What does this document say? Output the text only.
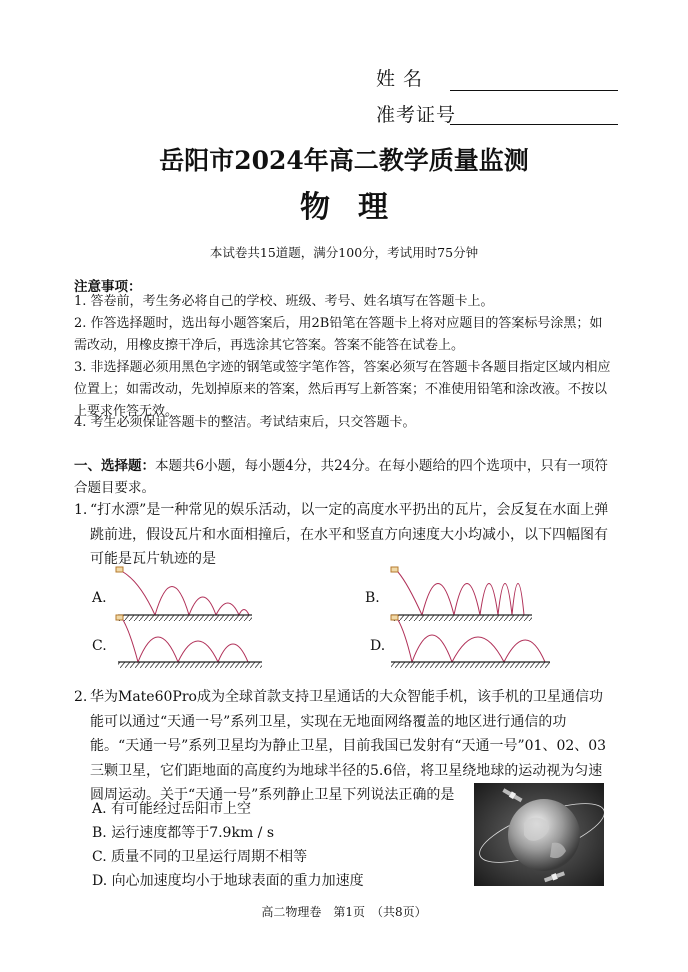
姓 名
准考证号
岳阳市2024年高二教学质量监测
物理
本试卷共15道题，满分100分，考试用时75分钟
注意事项：
1. 答卷前，考生务必将自己的学校、班级、考号、姓名填写在答题卡上。
2. 作答选择题时，选出每小题答案后，用2B铅笔在答题卡上将对应题目的答案标号涂黑；如需改动，用橡皮擦干净后，再选涂其它答案。答案不能答在试卷上。
3. 非选择题必须用黑色字迹的钢笔或签字笔作答，答案必须写在答题卡各题目指定区域内相应位置上；如需改动，先划掉原来的答案，然后再写上新答案；不准使用铅笔和涂改液。不按以上要求作答无效。
4. 考生必须保证答题卡的整洁。考试结束后，只交答题卡。
一、选择题：本题共6小题，每小题4分，共24分。在每小题给的四个选项中，只有一项符合题目要求。
1. “打水漂”是一种常见的娱乐活动，以一定的高度水平扔出的瓦片，会反复在水面上弹跳前进，假设瓦片和水面相撞后，在水平和竖直方向速度大小均减小，以下四幅图有可能是瓦片轨迹的是
A.	B.
C.	D.
2. 华为Mate60Pro成为全球首款支持卫星通话的大众智能手机，该手机的卫星通信功能可以通过“天通一号”系列卫星，实现在无地面网络覆盖的地区进行通信的功能。“天通一号”系列卫星均为静止卫星，目前我国已发射有“天通一号”01、02、03三颗卫星，它们距地面的高度约为地球半径的5.6倍，将卫星绕地球的运动视为匀速圆周运动。关于“天通一号”系列静止卫星下列说法正确的是
A. 有可能经过岳阳市上空
B. 运行速度都等于7.9km / s
C. 质量不同的卫星运行周期不相等
D. 向心加速度均小于地球表面的重力加速度
高二物理卷　第1页　（共8页）
